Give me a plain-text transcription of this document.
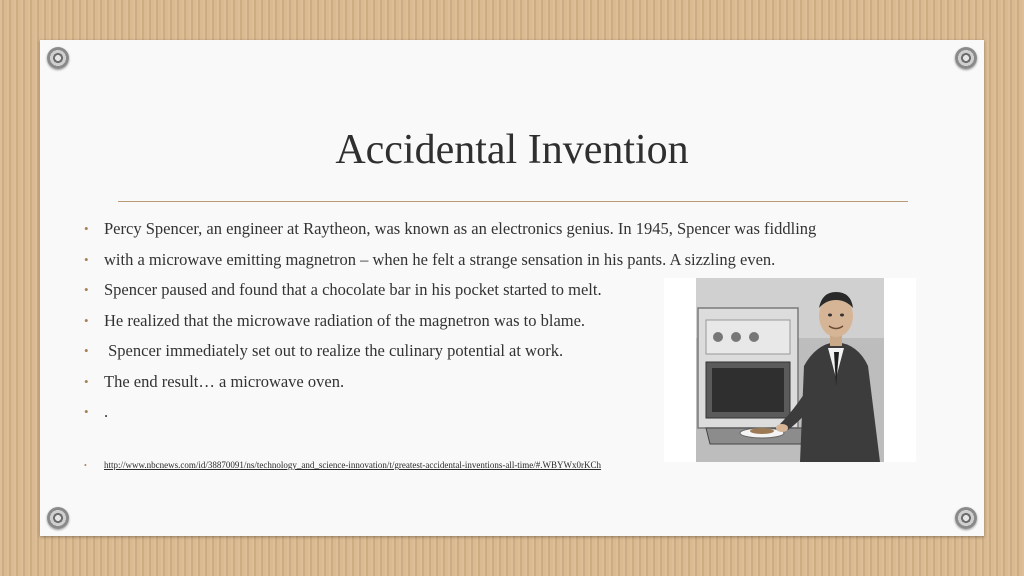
Accidental Invention
• Percy Spencer, an engineer at Raytheon, was known as an electronics genius. In 1945, Spencer was fiddling
• with a microwave emitting magnetron – when he felt a strange sensation in his pants. A sizzling even.
• Spencer paused and found that a chocolate bar in his pocket started to melt.
• He realized that the microwave radiation of the magnetron was to blame.
• Spencer immediately set out to realize the culinary potential at work.
• The end result… a microwave oven.
• .
• http://www.nbcnews.com/id/38870091/ns/technology_and_science-innovation/t/greatest-accidental-inventions-all-time/#.WBYWx0rKCh
